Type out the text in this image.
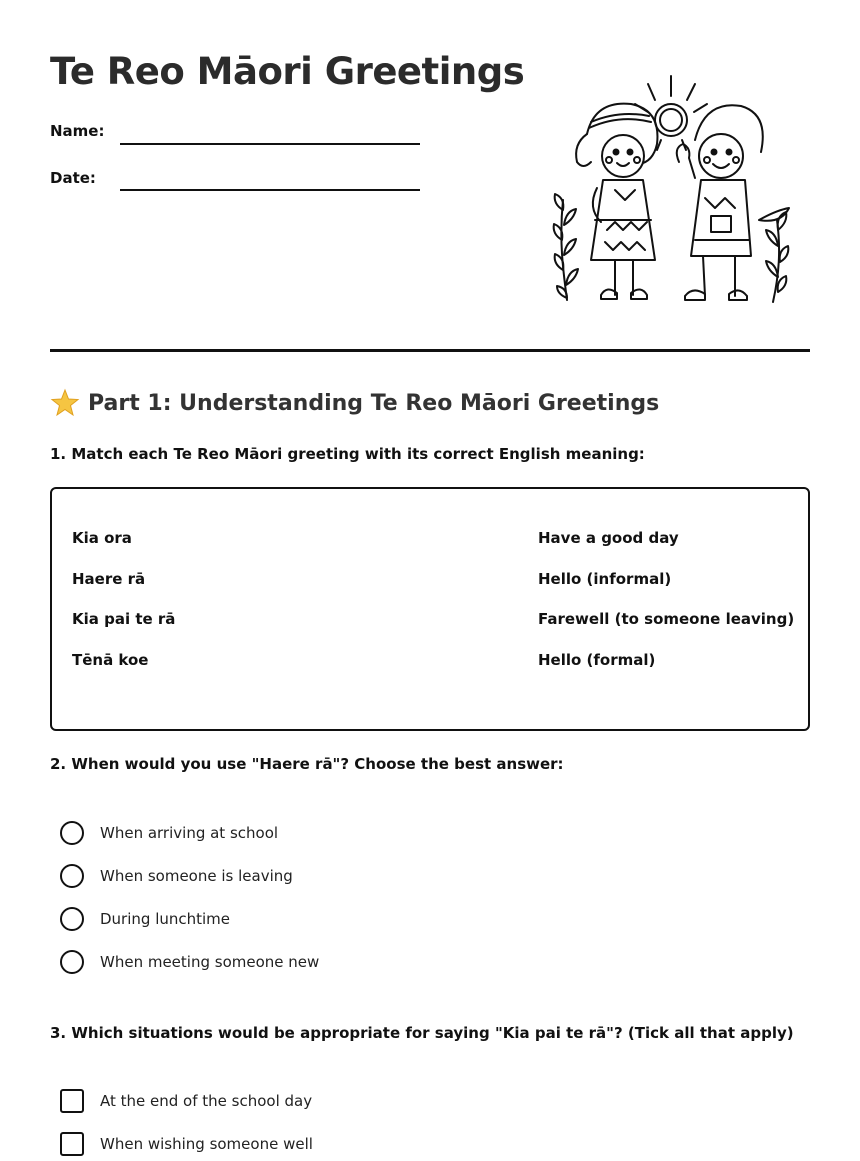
Te Reo Māori Greetings
Name:
Date:
Part 1: Understanding Te Reo Māori Greetings
1. Match each Te Reo Māori greeting with its correct English meaning:
Kia ora
Haere rā
Kia pai te rā
Tēnā koe
Have a good day
Hello (informal)
Farewell (to someone leaving)
Hello (formal)
2. When would you use "Haere rā"? Choose the best answer:
When arriving at school
When someone is leaving
During lunchtime
When meeting someone new
3. Which situations would be appropriate for saying "Kia pai te rā"? (Tick all that apply)
At the end of the school day
When wishing someone well
